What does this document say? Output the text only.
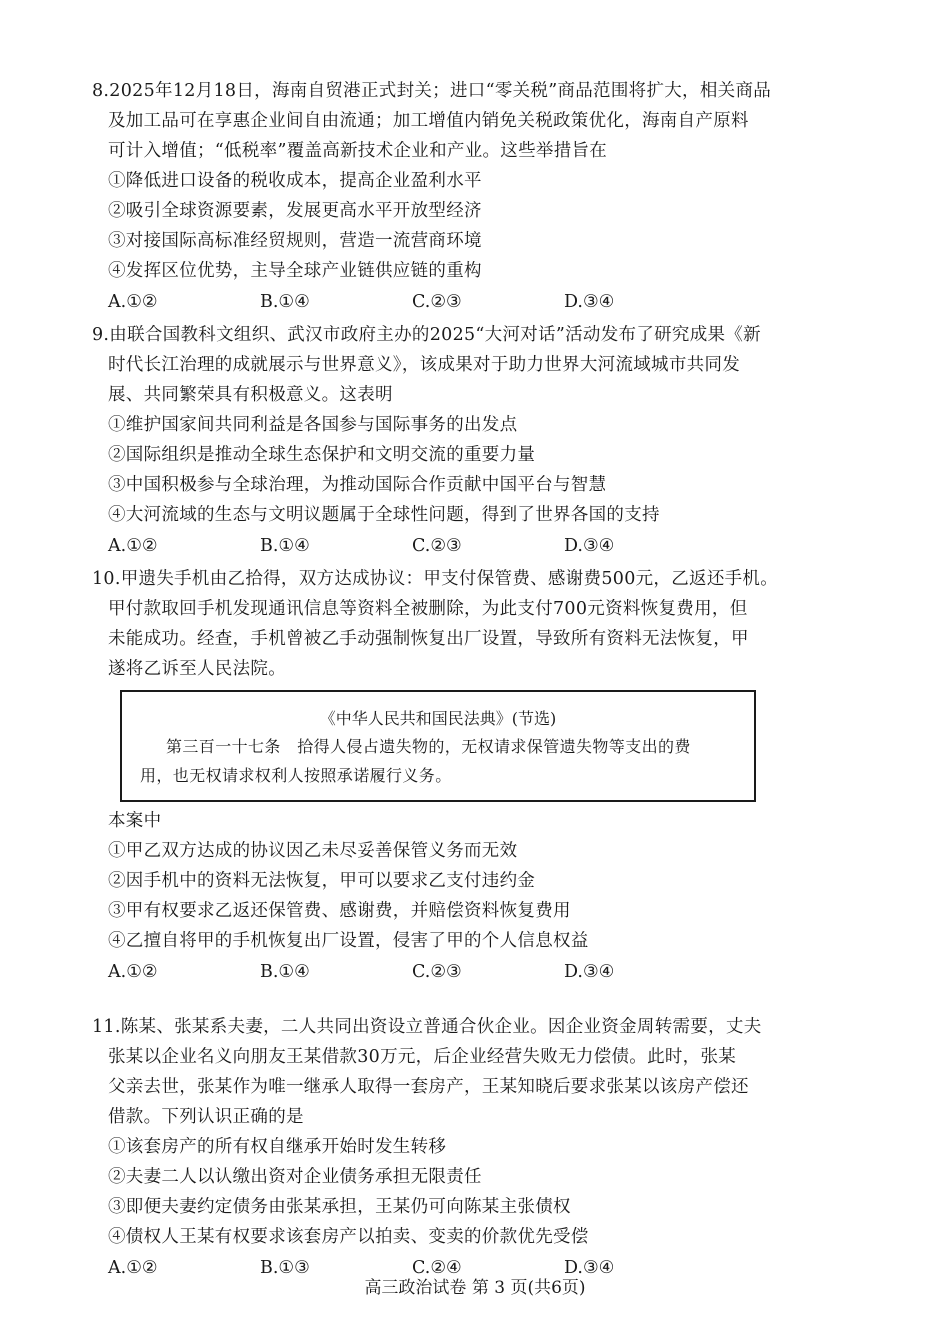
8.2025年12月18日，海南自贸港正式封关；进口“零关税”商品范围将扩大，相关商品
及加工品可在享惠企业间自由流通；加工增值内销免关税政策优化，海南自产原料
可计入增值；“低税率”覆盖高新技术企业和产业。这些举措旨在
①降低进口设备的税收成本，提高企业盈利水平
②吸引全球资源要素，发展更高水平开放型经济
③对接国际高标准经贸规则，营造一流营商环境
④发挥区位优势，主导全球产业链供应链的重构
A.①②	B.①④	C.②③	D.③④
9.由联合国教科文组织、武汉市政府主办的2025“大河对话”活动发布了研究成果《新
时代长江治理的成就展示与世界意义》，该成果对于助力世界大河流域城市共同发
展、共同繁荣具有积极意义。这表明
①维护国家间共同利益是各国参与国际事务的出发点
②国际组织是推动全球生态保护和文明交流的重要力量
③中国积极参与全球治理，为推动国际合作贡献中国平台与智慧
④大河流域的生态与文明议题属于全球性问题，得到了世界各国的支持
A.①②	B.①④	C.②③	D.③④
10.甲遗失手机由乙拾得，双方达成协议：甲支付保管费、感谢费500元，乙返还手机。
甲付款取回手机发现通讯信息等资料全被删除，为此支付700元资料恢复费用，但
未能成功。经查，手机曾被乙手动强制恢复出厂设置，导致所有资料无法恢复，甲
遂将乙诉至人民法院。
《中华人民共和国民法典》(节选)
第三百一十七条　拾得人侵占遗失物的，无权请求保管遗失物等支出的费
用，也无权请求权利人按照承诺履行义务。
本案中
①甲乙双方达成的协议因乙未尽妥善保管义务而无效
②因手机中的资料无法恢复，甲可以要求乙支付违约金
③甲有权要求乙返还保管费、感谢费，并赔偿资料恢复费用
④乙擅自将甲的手机恢复出厂设置，侵害了甲的个人信息权益
A.①②	B.①④	C.②③	D.③④
11.陈某、张某系夫妻，二人共同出资设立普通合伙企业。因企业资金周转需要，丈夫
张某以企业名义向朋友王某借款30万元，后企业经营失败无力偿债。此时，张某
父亲去世，张某作为唯一继承人取得一套房产，王某知晓后要求张某以该房产偿还
借款。下列认识正确的是
①该套房产的所有权自继承开始时发生转移
②夫妻二人以认缴出资对企业债务承担无限责任
③即便夫妻约定债务由张某承担，王某仍可向陈某主张债权
④债权人王某有权要求该套房产以拍卖、变卖的价款优先受偿
A.①②	B.①③	C.②④	D.③④
高三政治试卷 第 3 页(共6页)
